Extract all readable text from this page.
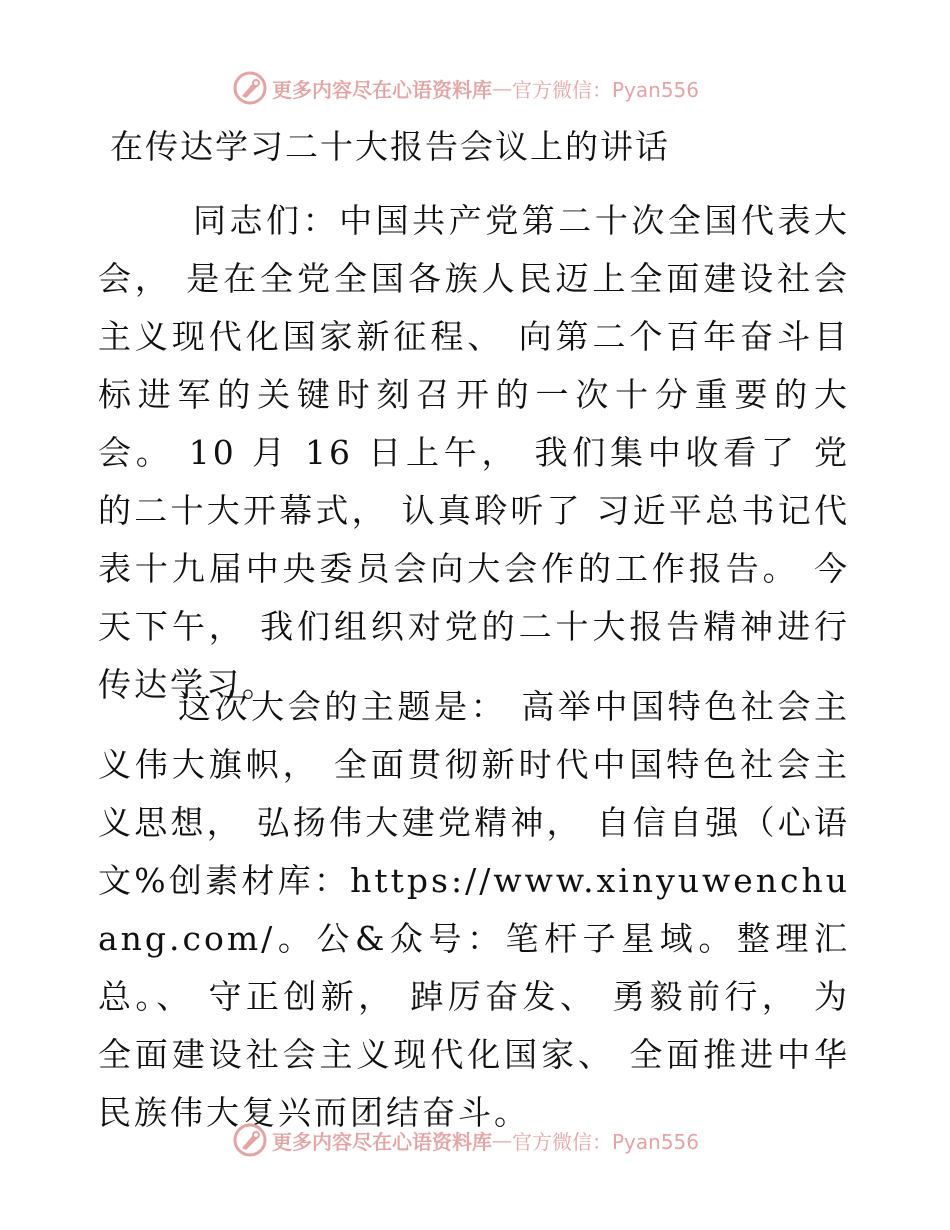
更多内容尽在心语资料库 — 官方微信：Pyan556
在传达学习二十大报告会议上的讲话

同志们：中国共产党第二十次全国代表大会， 是在全党全国各族人民迈上全面建设社会主义现代化国家新征程、 向第二个百年奋斗目 标进军的关键时刻召开的一次十分重要的大会。 10 月 16 日上午， 我们集中收看了 党的二十大开幕式， 认真聆听了 习近平总书记代表十九届中央委员会向大会作的工作报告。 今天下午， 我们组织对党的二十大报告精神进行传达学习。

这次大会的主题是： 高举中国特色社会主义伟大旗帜， 全面贯彻新时代中国特色社会主义思想， 弘扬伟大建党精神， 自信自强（心语文%创素材库：https://www.xinyuwenchuang.com/。公&众号：笔杆子星域。整理汇总。、 守正创新， 踔厉奋发、 勇毅前行， 为全面建设社会主义现代化国家、 全面推进中华民族伟大复兴而团结奋斗。

更多内容尽在心语资料库 — 官方微信：Pyan556
